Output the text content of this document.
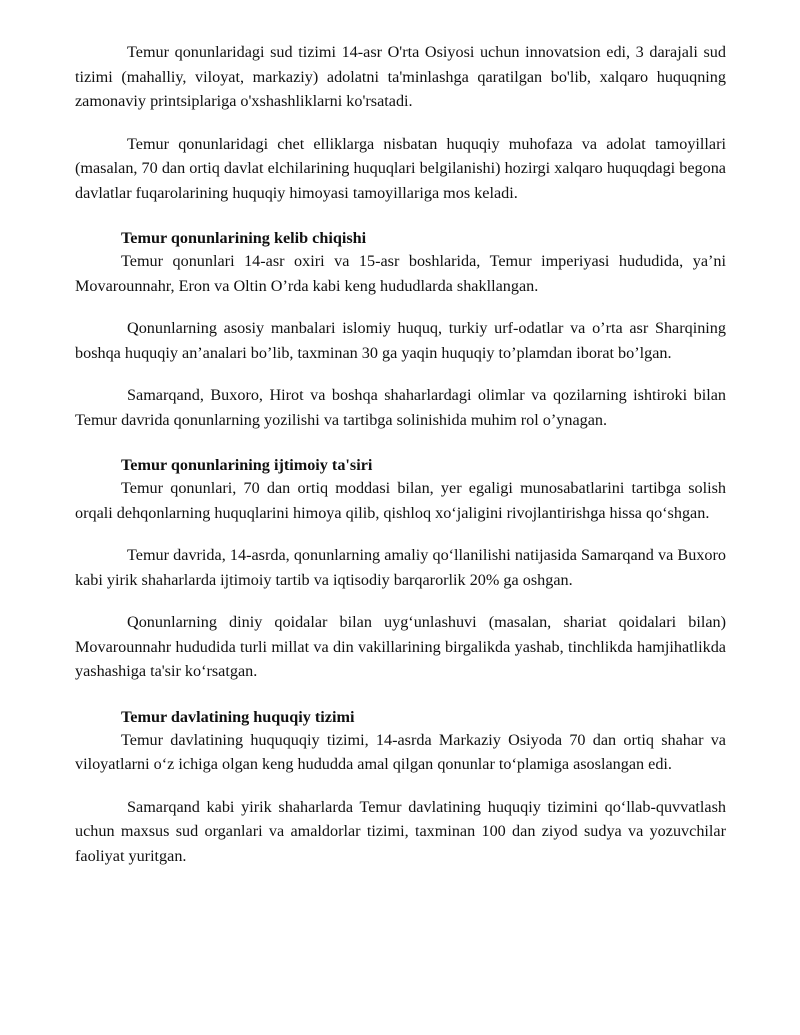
Temur qonunlaridagi sud tizimi 14-asr O'rta Osiyosi uchun innovatsion edi, 3 darajali sud tizimi (mahalliy, viloyat, markaziy) adolatni ta'minlashga qaratilgan bo'lib, xalqaro huquqning zamonaviy printsiplariga o'xshashliklarni ko'rsatadi.

Temur qonunlaridagi chet elliklarga nisbatan huquqiy muhofaza va adolat tamoyillari (masalan, 70 dan ortiq davlat elchilarining huquqlari belgilanishi) hozirgi xalqaro huquqdagi begona davlatlar fuqarolarining huquqiy himoyasi tamoyillariga mos keladi.

Temur qonunlarining kelib chiqishi

Temur qonunlari 14-asr oxiri va 15-asr boshlarida, Temur imperiyasi hududida, ya’ni Movarounnahr, Eron va Oltin O’rda kabi keng hududlarda shakllangan.

Qonunlarning asosiy manbalari islomiy huquq, turkiy urf-odatlar va o’rta asr Sharqining boshqa huquqiy an’analari bo’lib, taxminan 30 ga yaqin huquqiy to’plamdan iborat bo’lgan.

Samarqand, Buxoro, Hirot va boshqa shaharlardagi olimlar va qozilarning ishtiroki bilan Temur davrida qonunlarning yozilishi va tartibga solinishida muhim rol o’ynagan.

Temur qonunlarining ijtimoiy ta'siri

Temur qonunlari, 70 dan ortiq moddasi bilan, yer egaligi munosabatlarini tartibga solish orqali dehqonlarning huquqlarini himoya qilib, qishloq xo‘jaligini rivojlantirishga hissa qo‘shgan.

Temur davrida, 14-asrda, qonunlarning amaliy qo‘llanilishi natijasida Samarqand va Buxoro kabi yirik shaharlarda ijtimoiy tartib va iqtisodiy barqarorlik 20% ga oshgan.

Qonunlarning diniy qoidalar bilan uyg‘unlashuvi (masalan, shariat qoidalari bilan) Movarounnahr hududida turli millat va din vakillarining birgalikda yashab, tinchlikda hamjihatlikda yashashiga ta'sir ko‘rsatgan.

Temur davlatining huquqiy tizimi

Temur davlatining huququqiy tizimi, 14-asrda Markaziy Osiyoda 70 dan ortiq shahar va viloyatlarni o‘z ichiga olgan keng hududda amal qilgan qonunlar to‘plamiga asoslangan edi.

Samarqand kabi yirik shaharlarda Temur davlatining huquqiy tizimini qo‘llab-quvvatlash uchun maxsus sud organlari va amaldorlar tizimi, taxminan 100 dan ziyod sudya va yozuvchilar faoliyat yuritgan.
